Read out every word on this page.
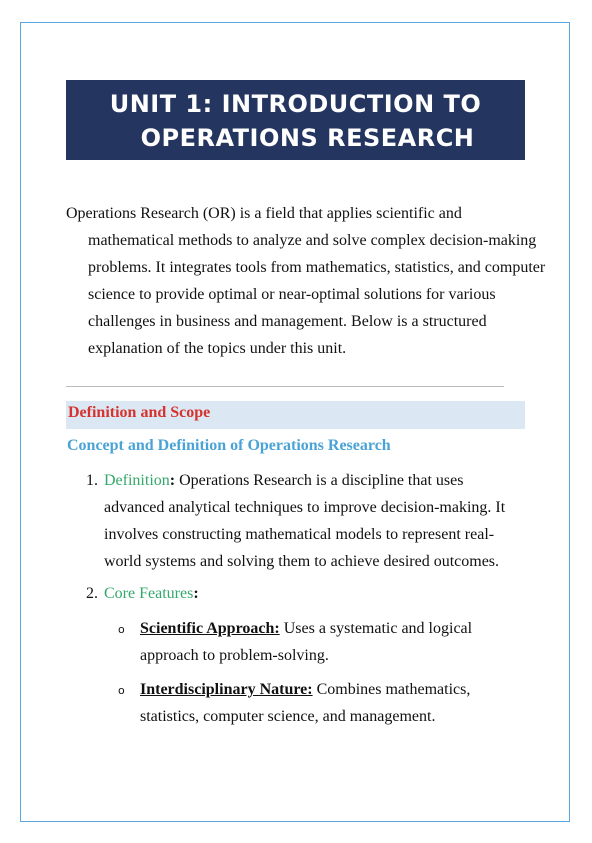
UNIT 1: INTRODUCTION TO
OPERATIONS RESEARCH

Operations Research (OR) is a field that applies scientific and mathematical methods to analyze and solve complex decision-making problems. It integrates tools from mathematics, statistics, and computer science to provide optimal or near-optimal solutions for various challenges in business and management. Below is a structured explanation of the topics under this unit.

Definition and Scope
Concept and Definition of Operations Research
1. Definition: Operations Research is a discipline that uses advanced analytical techniques to improve decision-making. It involves constructing mathematical models to represent real-world systems and solving them to achieve desired outcomes.
2. Core Features:
o Scientific Approach: Uses a systematic and logical approach to problem-solving.
o Interdisciplinary Nature: Combines mathematics, statistics, computer science, and management.
